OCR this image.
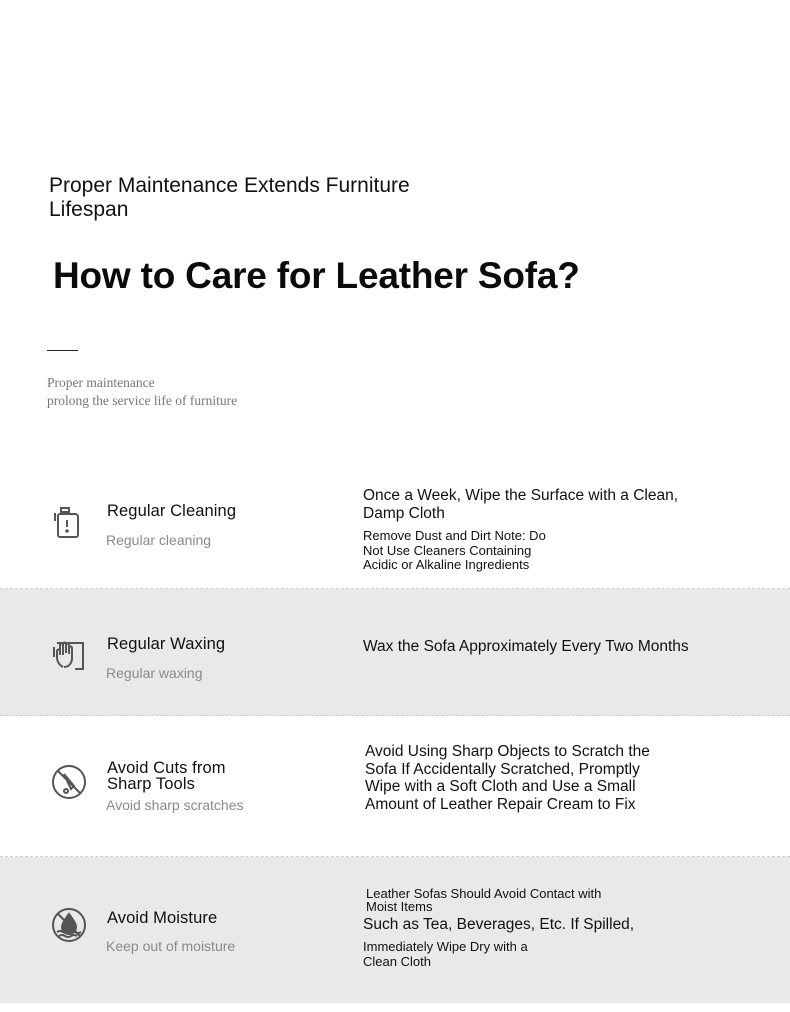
Proper Maintenance Extends Furniture Lifespan
How to Care for Leather Sofa?
Proper maintenance
prolong the service life of furniture
Regular Cleaning
Regular cleaning
Once a Week, Wipe the Surface with a Clean, Damp Cloth
Remove Dust and Dirt Note: Do Not Use Cleaners Containing Acidic or Alkaline Ingredients
Regular Waxing
Regular waxing
Wax the Sofa Approximately Every Two Months
Avoid Cuts from
Sharp Tools
Avoid sharp scratches
Avoid Using Sharp Objects to Scratch the Sofa If Accidentally Scratched, Promptly Wipe with a Soft Cloth and Use a Small Amount of Leather Repair Cream to Fix
Avoid Moisture
Keep out of moisture
Leather Sofas Should Avoid Contact with Moist Items
Such as Tea, Beverages, Etc. If Spilled,
Immediately Wipe Dry with a Clean Cloth
